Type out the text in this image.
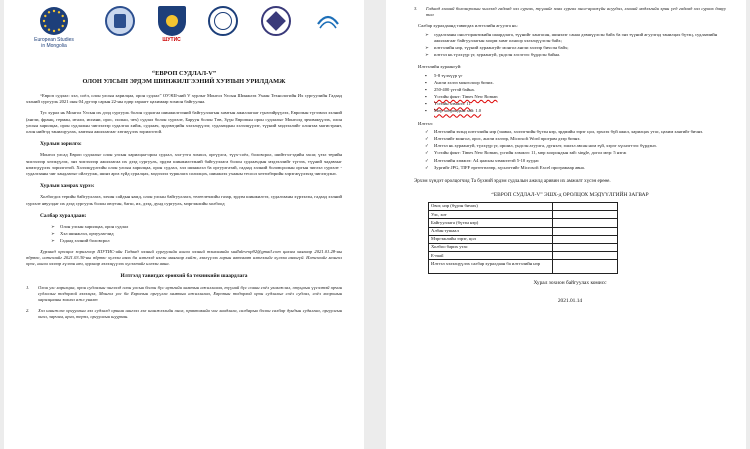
European Studies
in Mongolia
ШУТИС
“ЕВРОП СУДЛАЛ-V”
ОЛОН УЛСЫН ЭРДЭМ ШИНЖИЛГЭЭНИЙ ХУРЛЫН УРИЛДАМЖ

“Европ судлал: хэл, соёл, олон улсын харилцаа, орон судлал” ОУЭШ-ний V хурлыг Монгол Улсын Шинжлэх Ухаан Технологийн Их сургуулийн Гадаад хэлний сургууль 2021 оны 04 дүгээр сарын 22-ны өдөр гараагт цахимаар зохион байгуулна.

Тус хурал нь Монгол Улсын их дээд сургууль болон судалгаа шинжилгээний байгууллагын хамтын ажиллагааг гүнзгийрүүлэх, Европын түгээмэл хэлний (англи, франц, герман, итали, испани, орос, польш, чех) судлал болон сургалт, Баруун болон Төв, Зүүн Европын орон судлалыг Монголд эрчимжүүлэх, олон улсын харилцаа, орон судлалын чиглэлээр судалгаа хийж, судлаач, эрдэмтдийн хэлэлцүүлэг, судлаачдын хэлэлцүүлэг, түүний мэдээллийг олонтаа магистрант, олон нийтэд танилцуулах, хамтын ажиллагааг хөгжүүлэх зорилготой.

Хурлын зорилго:

Монгол улсад Европ судлалыг олон улсын харилцаа-орон судлал, хэл-утга зохиол, оргүүлга, түүх-соёл, боловсрол, шийтгэл-эдийн засаг, үзэл терийн чиглэлээр хөгжүүлэх, энэ чиглэлээр ажиллагаа их дээд сургууль, эрдэм шинжилгээний байгууллага болон судлаачдын мэдээллийг түгээх, түүний чадавхыг нэмэгдүүлэх зорилготой. Хэлэлцүүлгийн олон улсын харилцаа, орон судлал, хэл шинжлэл ба оргуулгатай, гадаад хэлний боловсролын оргын чиглэл сургалт - судалгааны чиг хандлагыг ойлгуулж, шинэ арга зүйд суралцах, мэдээлэл туршлага солилцох, шинжлэх ухааны тесоол хөтөлбөрийн хэрэгжүүлэхэд чиглэгдэнэ.

Хурлын хамрах хүрээ:

Холбогдох терийн байгууллага, элчин сайдын яамд, олон улсын байгууллага, телеелечлийн газар, эрдэм шинжилгээ, судалгааны хүрээлэн, гадаад хэлний сургалт явуулдаг их дээд сургууль болон оюутан, багш, их, дээд, дунд сургууль, мэргэжлийн холбоод

Салбар хуралдаан:
➢ Олон улсын харилцаа, орон судлал
➢ Хэл шинжлэл, орчуулагчид
➢ Гадаад хэлний боловсрол

Хурлаад оролцох зорилгоор ШУТИС-ийн Гадаад хэлний сургуулийн англи хэлний тэнхимийн sudlalevrop92@gmail.com цахим хаягаар 2021.01.28-ны өдрөөс, илтгэлийг 2021.03.30-ны өдрөөс хүлээн авах ба илтгэлд нэгэн маягаар хийж, хэвлүүлэх гарын автомат илтгэлийг хүлээн авахгүй. Илтгэлийг монгол орос, англи хэлээр хүлээн авч, хурлаар хэлэлцүүлэх хүсэлтийг илгээн авна.

Илтгэлд тавигдах ерөнхий ба техникийн шаардлага
1. Олон улс харилцаа, орон судлалын чиглэлд олон улсын болон бүс нутгийн хамтын ажиллагаа, түүний бүс сонин соёл уламжлал, оюуцлын үүсэлтэй орчин судлалыг тодорхой хэлэлцэх, Монгол улс ба Европын оргүүлга хамтын ажиллагаа, Европын тодорхой орон судлалыг соёл судлал, соёл хооронын харилцааны зохиол ажл уналт
2. Хэл шинжлэл оргуулгын хэл судлалд оршин шиглэл хэл шинжлэлийн онол, практикийн чиг хандлага, салбарын болон салбар дундын судалгаа, оргуулгын онол, зарчим, арга, терөл, оргуулгын шуурхан.
3. Гадаад хэлний боловсролын чиглэлд гадаад хэл сургах, түүнийг заах сургах онол-аргазүйн асуудал, хэлний мэдлэгийн эрин үед гадаад хэл сургах давуу тал
Салбар хуралдаанд тавигдах илтгэлийн агуулга нь:
➢ судалгааны онол-практикийн шаардлага, түүнийг хангасан, шинэлэг санаа дэвшүүлсэн байх ба энэ түүний агуулгад танилцах бүтэц, судлаачийн ажиллагааг байгууллагын хоорм хамт олноор хэлэлцүүлсэн байх;
➢ илтгэлийн нэр, түүний хураангуйг монгол англи хэлээр бичсэн байх;
➢ илтгэл нь түлхүүр үг, хураангуй, үндсэн хэсэгээс бүрдсэн байна.
Илтгэлийн хураангуй:
▪ 5-8 түлхүүр үг
▪ Англи хэлээ монголоор бичих.
▪ 250-400 үгтэй байна.
▪ Үсгийн фонт: Times New Roman
▪ Үсгийн хэмжээ: 11
▪ Мөр хоорондын зай: 1.0
Илтгэл:
✓ Илтгэлийн эхэнд илтгэлийн нэр (заавал, хэлээгчийн бүтэн нэр, эрдмийн зэрэг цол, эрхлэх бүй ажил, харилцах утас, цахим хаягийг бичнэ.
✓ Илтгэлийг монгол, орос, англи хэлээр, Microsoft Word програм дээр бичнэ.
✓ Илтгэл нь хураангуй, түлхүүр үг, оршил, үндсэн агуулга, дүгнэлт, эшлэл авсан ном зүй, хэрэг хүснэгтээс бүрдэнэ.
✓ Үсгийн фонт: Times New Roman, үсгийн хэмжээ: 11, мөр хоорондын зай: single, догол мөр: 5 нэгж
✓ Илтгэлийн хэмжээ: А4 цаасны хэмжээтэй 5-10 хуудас
✓ Зургийг JPG, TIFF өргөтгөлөөр, хүснэгтийг Microsoft Excel програмаар авна.

Эрхэм хүндэт оролцогчид Та бүхний эрдэм судлалын ажилд аривин их амжилт хүсэн ерөөе.

“ЕВРОП СУДЛАЛ-V” ЭШХ-д ОРОЛЦОХ МЭДҮҮЛГИЙН ЗАГВАР
Овог, нэр (бүрэн бичих)	
Улс, хот	
Байгууллага (бүтэн нэр)	
Албан тушаал	
Мэргэжлийн зэрэг, цол	
Холбоо барих утас	
E-mail	
Илтгэл хэлэлцүүлэх салбар хуралдаан ба илтгэлийн нэр	
Хурал зохион байгуулах комисс
2021.01.14
